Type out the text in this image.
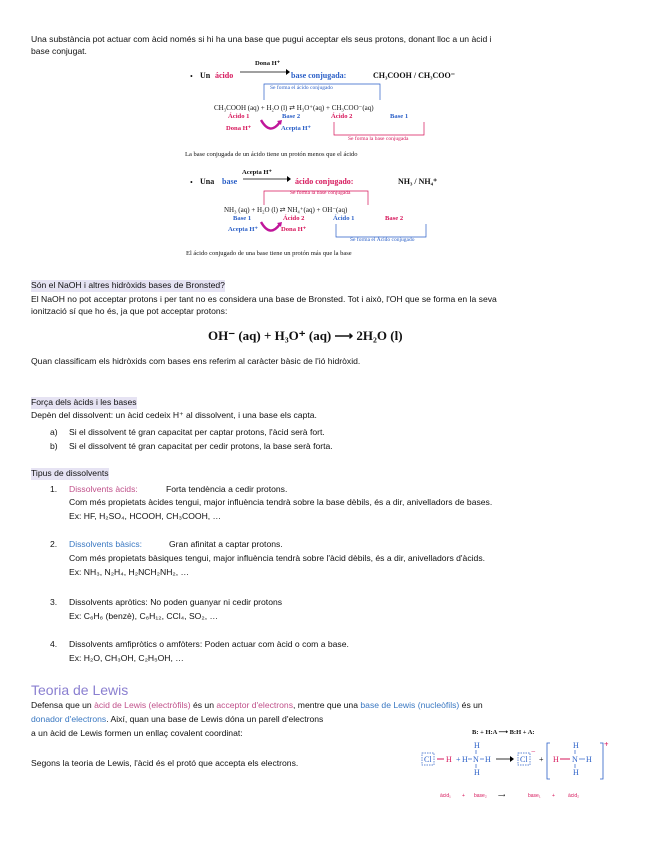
Una substància pot actuar com àcid només si hi ha una base que pugui acceptar els seus protons, donant lloc a un àcid i
base conjugat.
Dona H⁺
• Un ácido	base conjugada:	CH₃COOH / CH₃COO⁻
Se forma el ácido conjugado
CH₃COOH (aq) + H₂O (l) ⇄ H₃O⁺(aq) + CH₃COO⁻(aq)
Ácido 1	Base 2	Ácido 2	Base 1
Dona H⁺	Acepta H⁺
Se forma la base conjugada
La base conjugada de un ácido tiene un protón menos que el ácido
Acepta H⁺
• Una base	ácido conjugado:	NH₃ / NH₄⁺
Se forma la base conjugada
NH₃ (aq) + H₂O (l) ⇄ NH₄⁺(aq) + OH⁻(aq)
Base 1	Ácido 2	Ácido 1	Base 2
Acepta H⁺	Dona H⁺
Se forma el Ácido conjugado
El ácido conjugado de una base tiene un protón más que la base
Són el NaOH i altres hidròxids bases de Bronsted?
El NaOH no pot acceptar protons i per tant no es considera una base de Bronsted. Tot i això, l'OH que se forma en la seva
ionització sí que ho és, ja que pot acceptar protons:
OH⁻ (aq) + H₃O⁺ (aq) ⟶ 2H₂O (l)
Quan classificam els hidròxids com bases ens referim al caràcter bàsic de l'ió hidròxid.
Força dels àcids i les bases
Depèn del dissolvent: un àcid cedeix H⁺ al dissolvent, i una base els capta.
a) Si el dissolvent té gran capacitat per captar protons, l'àcid serà fort.
b) Si el dissolvent té gran capacitat per cedir protons, la base serà forta.
Tipus de dissolvents
1. Dissolvents àcids:	Forta tendència a cedir protons.
Com més propietats àcides tengui, major influència tendrà sobre la base dèbils, és a dir, anivelladors de bases.
Ex: HF, H₂SO₄, HCOOH, CH₃COOH, …
2. Dissolvents bàsics:	Gran afinitat a captar protons.
Com més propietats bàsiques tengui, major influència tendrà sobre l'àcid dèbils, és a dir, anivelladors d'àcids.
Ex: NH₃, N₂H₄, H₂NCH₂NH₂, …
3. Dissolvents apròtics: No poden guanyar ni cedir protons
Ex: C₆H₆ (benzè), C₆H₁₂, CCl₄, SO₂, …
4. Dissolvents amfipròtics o amfòters: Poden actuar com àcid o com a base.
Ex: H₂O, CH₃OH, C₂H₅OH, …
Teoria de Lewis
Defensa que un àcid de Lewis (electròfils) és un acceptor d'electrons, mentre que una base de Lewis (nucleòfils) és un
donador d'electrons. Així, quan una base de Lewis dóna un parell d'electrons
a un àcid de Lewis formen un enllaç covalent coordinat:
Segons la teoria de Lewis, l'àcid és el protó que accepta els electrons.
B: + H:A ⟶ B:H + A:
Cl H +
H
H N H
H
Cl
−
+
+
H
H N H
H
àcid₁ + base₂ ⟶	base₁ +	àcid₂
